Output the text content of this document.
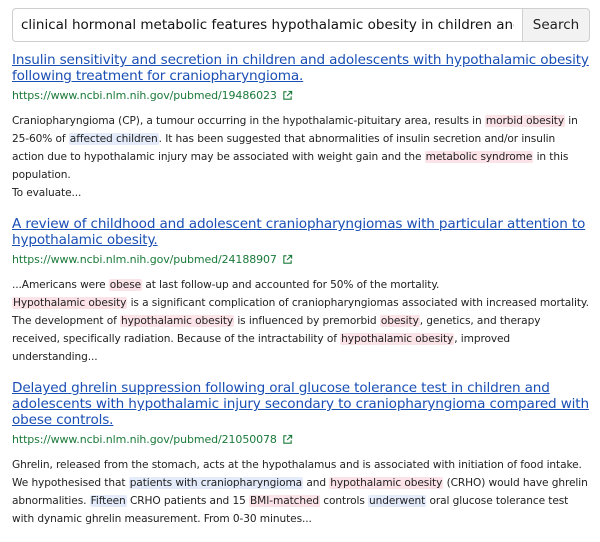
clinical hormonal metabolic features hypothalamic obesity in children and adolescent wi
Search
Insulin sensitivity and secretion in children and adolescents with hypothalamic obesity following treatment for craniopharyngioma.
https://www.ncbi.nlm.nih.gov/pubmed/19486023

Craniopharyngioma (CP), a tumour occurring in the hypothalamic-pituitary area, results in morbid obesity in 25-60% of affected children. It has been suggested that abnormalities of insulin secretion and/or insulin action due to hypothalamic injury may be associated with weight gain and the metabolic syndrome in this population.

To evaluate...

A review of childhood and adolescent craniopharyngiomas with particular attention to hypothalamic obesity.
https://www.ncbi.nlm.nih.gov/pubmed/24188907

...Americans were obese at last follow-up and accounted for 50% of the mortality.

Hypothalamic obesity is a significant complication of craniopharyngiomas associated with increased mortality. The development of hypothalamic obesity is influenced by premorbid obesity, genetics, and therapy received, specifically radiation. Because of the intractability of hypothalamic obesity, improved understanding...

Delayed ghrelin suppression following oral glucose tolerance test in children and adolescents with hypothalamic injury secondary to craniopharyngioma compared with obese controls.
https://www.ncbi.nlm.nih.gov/pubmed/21050078

Ghrelin, released from the stomach, acts at the hypothalamus and is associated with initiation of food intake. We hypothesised that patients with craniopharyngioma and hypothalamic obesity (CRHO) would have ghrelin abnormalities. Fifteen CRHO patients and 15 BMI-matched controls underwent oral glucose tolerance test with dynamic ghrelin measurement. From 0-30 minutes...
